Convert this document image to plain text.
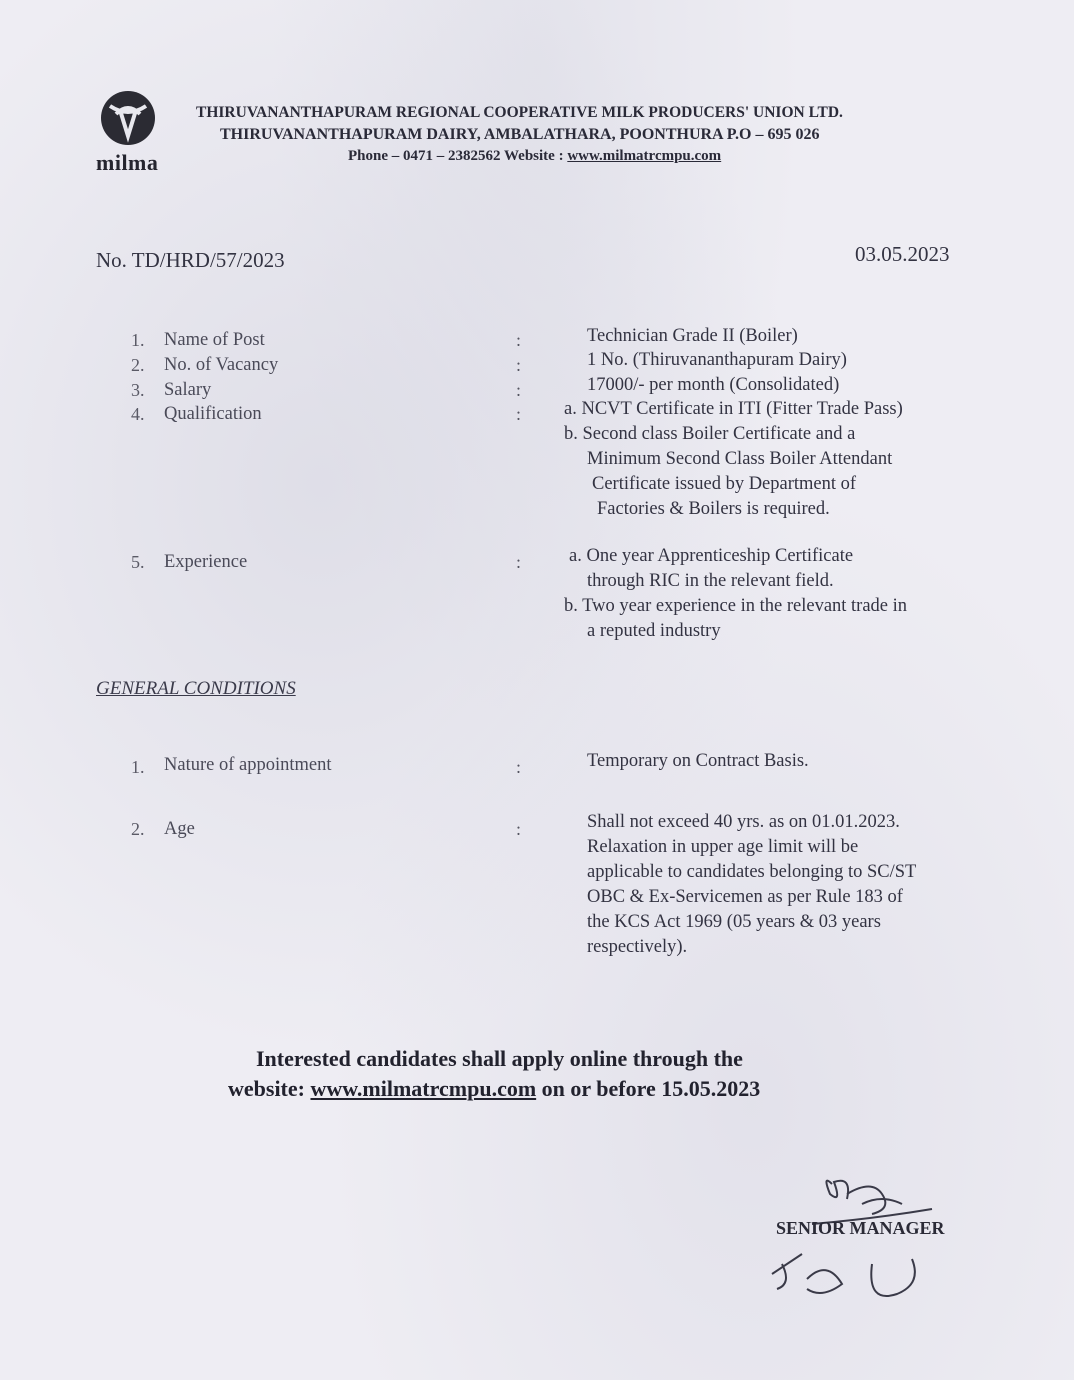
milma
THIRUVANANTHAPURAM REGIONAL COOPERATIVE MILK PRODUCERS' UNION LTD.
THIRUVANANTHAPURAM DAIRY, AMBALATHARA, POONTHURA P.O – 695 026
Phone – 0471 – 2382562 Website : www.milmatrcmpu.com
No. TD/HRD/57/2023	03.05.2023
1. Name of Post	:	Technician Grade II (Boiler)
2. No. of Vacancy	:	1 No. (Thiruvananthapuram Dairy)
3. Salary	:	17000/- per month (Consolidated)
4. Qualification	: a. NCVT Certificate in ITI (Fitter Trade Pass)
b. Second class Boiler Certificate and a
Minimum Second Class Boiler Attendant
Certificate issued by Department of
Factories & Boilers is required.
5. Experience	:	a. One year Apprenticeship Certificate
through RIC in the relevant field.
b. Two year experience in the relevant trade in
a reputed industry
GENERAL CONDITIONS
1. Nature of appointment	:	Temporary on Contract Basis.
2. Age	:	Shall not exceed 40 yrs. as on 01.01.2023.
Relaxation in upper age limit will be
applicable to candidates belonging to SC/ST
OBC & Ex-Servicemen as per Rule 183 of
the KCS Act 1969 (05 years & 03 years
respectively).
Interested candidates shall apply online through the
website: www.milmatrcmpu.com on or before 15.05.2023
SENIOR MANAGER
